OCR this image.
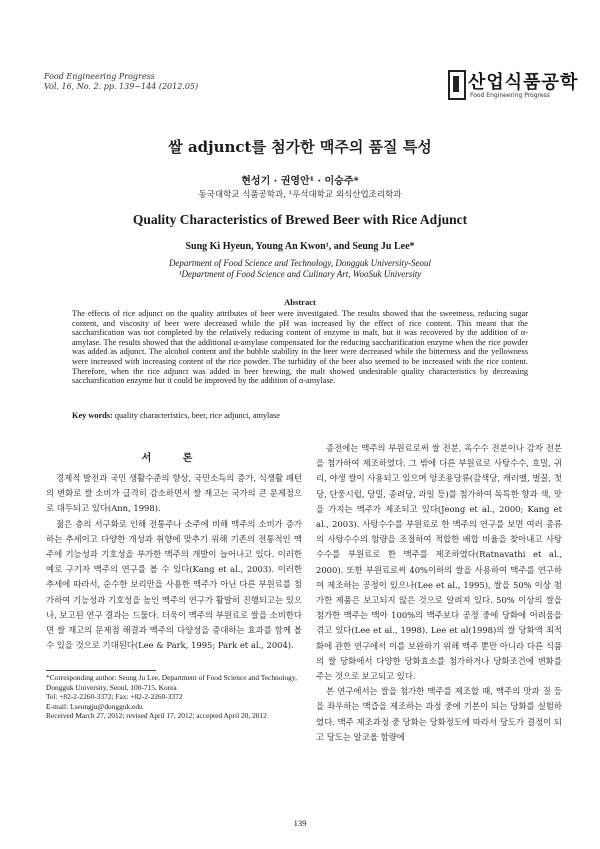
Food Engineering Progress
Vol. 16, No. 2. pp. 139~144 (2012.05)	산업식품공학
Food Engineering Progress
쌀 adjunct를 첨가한 맥주의 품질 특성
현성기 · 권영안¹ · 이승주*
동국대학교 식품공학과, ¹우석대학교 외식산업조리학과
Quality Characteristics of Brewed Beer with Rice Adjunct
Sung Ki Hyeun, Young An Kwon¹, and Seung Ju Lee*
Department of Food Science and Technology, Dongguk University-Seoul
¹Department of Food Science and Culinary Art, WooSuk University
Abstract
The effects of rice adjunct on the quality attributes of beer were investigated. The results showed that the sweetness, reducing sugar content, and viscosity of beer were decreased while the pH was increased by the effect of rice content. This meant that the saccharification was not completed by the relatively reducing content of enzyme in malt, but it was recovered by the addition of α-amylase. The results showed that the additional α-amylase compensated for the reducing saccharification enzyme when the rice powder was added as adjunct. The alcohol content and the bubble stability in the beer were decreased while the bitterness and the yellowness were increased with increasing content of the rice powder. The turbidity of the beer also seemed to be increased with the rice content. Therefore, when the rice adjunct was added in beer brewing, the malt showed undesirable quality characteristics by decreasing saccharification enzyme but it could be improved by the addition of α-amylase.
Key words: quality characteristics, beer, rice adjunct, amylase
서 론

경제적 발전과 국민 생활수준의 향상, 국민소득의 증가, 식생활 패턴의 변화로 쌀 소비가 급격히 감소하면서 쌀 재고는 국가의 큰 문제점으로 대두되고 있다(Ann, 1998).

젊은 층의 서구화로 인해 전통주나 소주에 비해 맥주의 소비가 증가하는 추세이고 다양한 개성과 취향에 맞추기 위해 기존의 전통적인 맥주에 기능성과 기호성을 부가한 맥주의 개발이 늘어나고 있다. 이러한 예로 구기자 맥주의 연구를 볼 수 있다(Kang et al., 2003). 이러한 추세에 따라서, 순수한 보리만을 사용한 맥주가 아닌 다른 부원료를 첨가하여 기능성과 기호성을 높인 맥주의 연구가 활발히 진행되고는 있으나, 보고된 연구 결과는 드물다. 더욱이 맥주의 부원료로 쌀을 소비한다면 쌀 재고의 문제점 해결과 맥주의 다양성을 증대하는 효과를 함께 볼 수 있을 것으로 기대된다(Lee & Park, 1995; Park et al., 2004).

*Corresponding author: Seung Ju Lee, Department of Food Science and Technology, Dongguk University, Seoul, 100-715, Korea
Tel: +82-2-2260-3372; Fax: +82-2-2260-3372
E-mail: Lseungju@dongguk.edu
Received March 27, 2012; revised April 17, 2012; accepted April 20, 2012

종전에는 맥주의 부원료로써 쌀 전분, 옥수수 전분이나 감자 전분을 첨가하여 제조하였다. 그 밖에 다른 부원료로 사탕수수, 호밀, 귀리, 야생 쌀이 사용되고 있으며 앙조용당류(감색당, 캐러멜, 벌꿀, 첫당, 단풍시럽, 당밀, 종려당, 과일 등)를 첨가하여 독특한 향과 색, 맛을 가지는 맥주가 제조되고 있다(Jeong et al., 2000; Kang et al., 2003). 사탕수수를 부원료로 한 맥주의 연구를 보면 여러 종류의 사탕수수의 함량을 조절하여 적합한 배합 비율을 찾아내고 사탕수수를 부원료로 한 맥주를 제조하였다(Ratnavathi et al., 2000). 또한 부원료로써 40%이하의 쌀을 사용하여 맥주를 연구하여 제조하는 공정이 있으나(Lee et al., 1995), 쌀을 50% 이상 첨가한 제품은 보고되지 않은 것으로 알려져 있다. 50% 이상의 쌀을 첨가한 맥주는 맥아 100%의 맥주보다 공정 중에 당화에 어려움을 겪고 있다(Lee et al., 1998). Lee et al(1998)의 쌀 당화액 최적화에 관한 연구에서 이를 보완하기 위해 맥주 뿐만 아니라 다른 식품의 쌀 당화에서 다양한 당화효소를 첨가하거나 당화조건에 변화를 주는 것으로 보고되고 있다.

본 연구에서는 쌀을 첨가한 맥주를 제조할 때, 맥주의 맛과 질 등을 좌우하는 맥즙을 제조하는 과정 중에 기본이 되는 당화를 실험하였다. 맥주 제조과정 중 당화는 당화정도에 따라서 당도가 결정이 되고 당도는 알코올 함량에

139
